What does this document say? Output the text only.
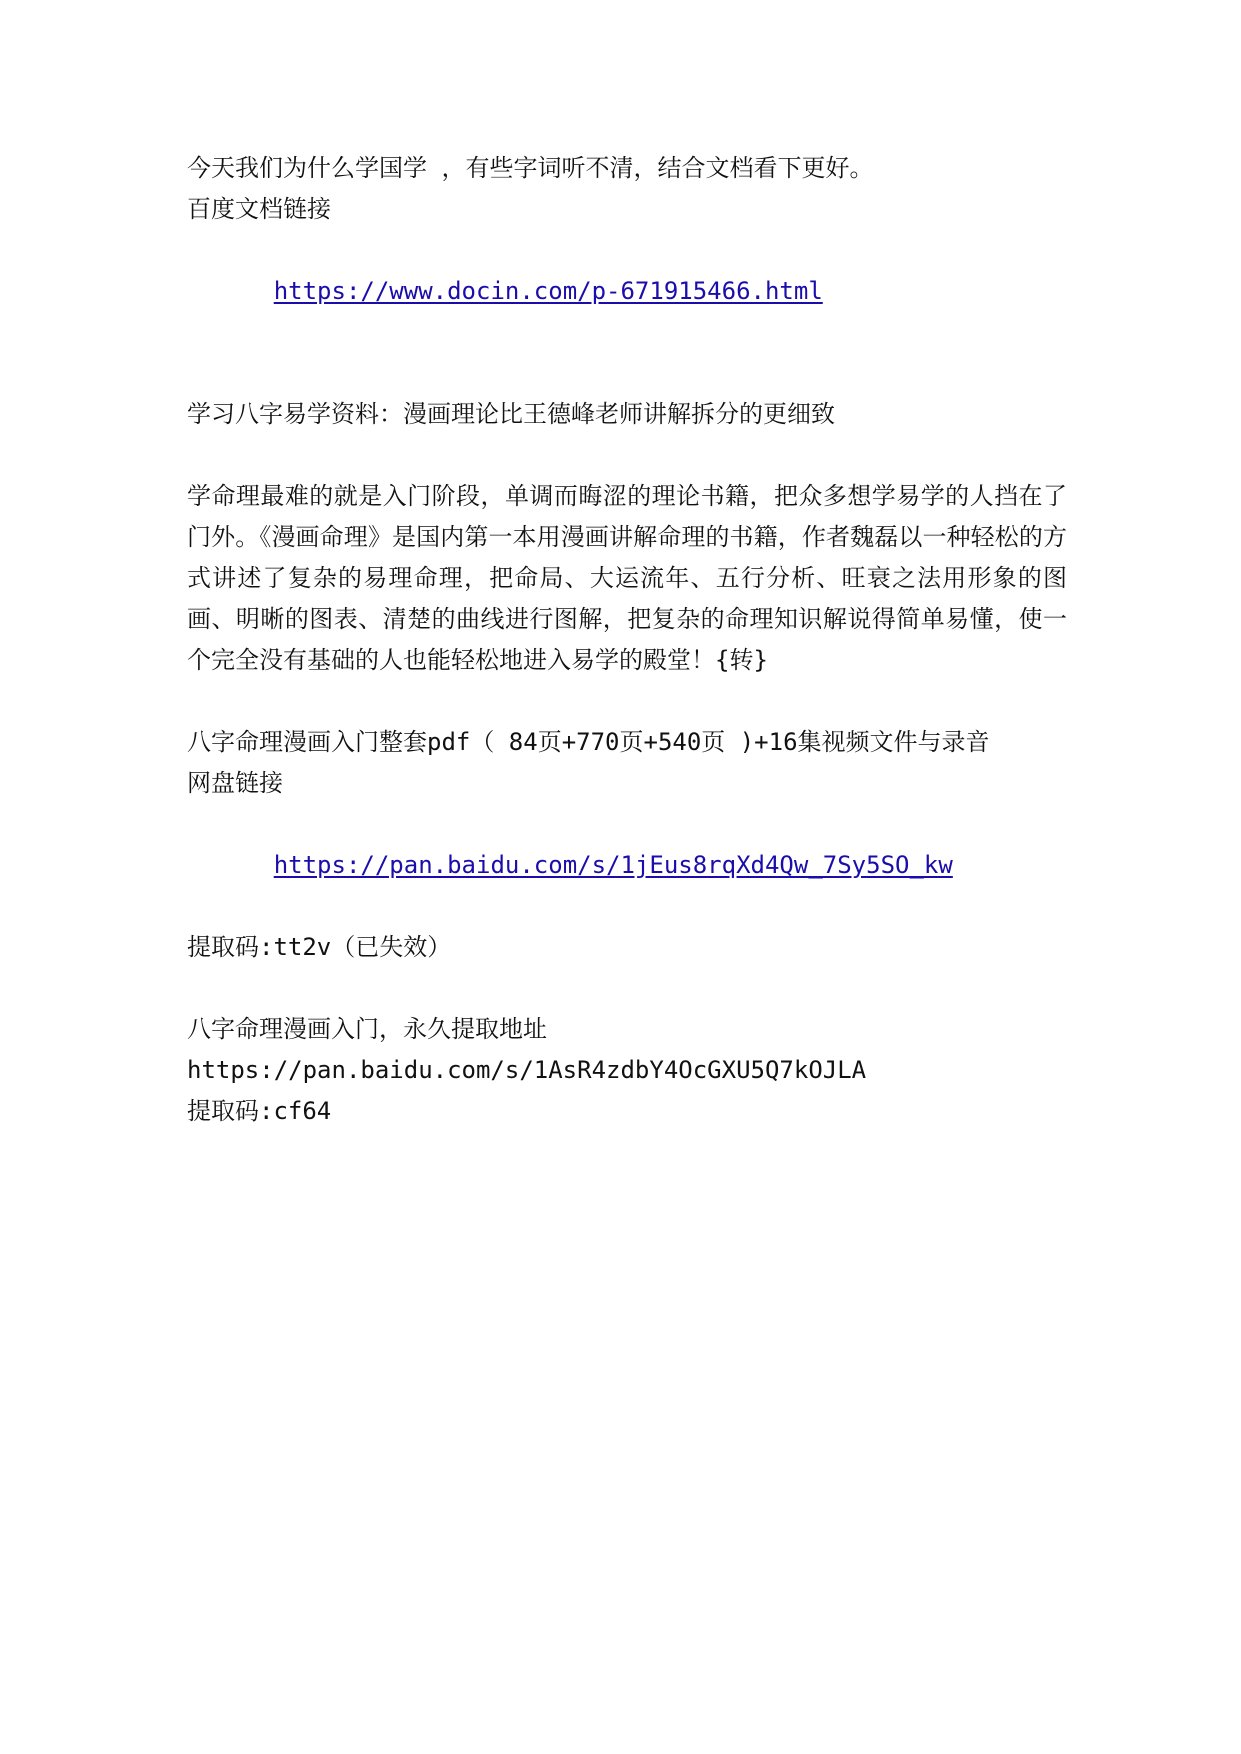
今天我们为什么学国学 ，有些字词听不清，结合文档看下更好。
百度文档链接

https://www.docin.com/p-671915466.html

学习八字易学资料：漫画理论比王德峰老师讲解拆分的更细致
学命理最难的就是入门阶段，单调而晦涩的理论书籍，把众多想学易学的人挡在了门外。《漫画命理》是国内第一本用漫画讲解命理的书籍，作者魏磊以一种轻松的方式讲述了复杂的易理命理，把命局、大运流年、五行分析、旺衰之法用形象的图画、明晰的图表、清楚的曲线进行图解，把复杂的命理知识解说得简单易懂，使一个完全没有基础的人也能轻松地进入易学的殿堂！{转}
八字命理漫画入门整套pdf（ 84页+770页+540页 )+16集视频文件与录音
网盘链接

https://pan.baidu.com/s/1jEus8rqXd4Qw_7Sy5SO_kw

提取码:tt2v（已失效）
八字命理漫画入门，永久提取地址
https://pan.baidu.com/s/1AsR4zdbY4OcGXU5Q7kOJLA
提取码:cf64
